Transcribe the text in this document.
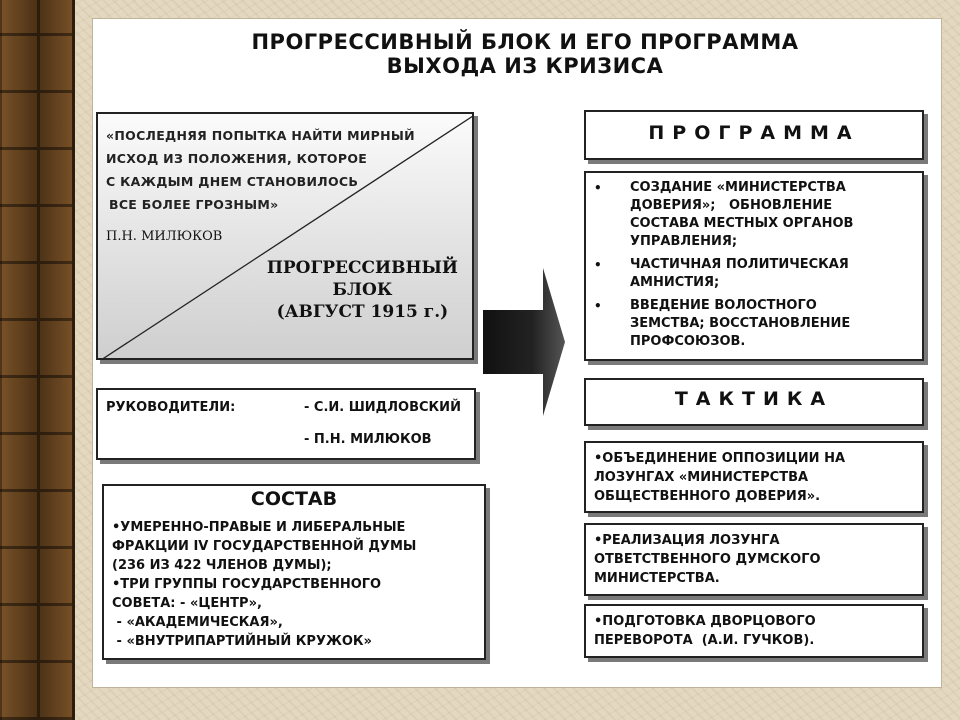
ПРОГРЕССИВНЫЙ БЛОК И ЕГО ПРОГРАММА
ВЫХОДА ИЗ КРИЗИСА
«ПОСЛЕДНЯЯ ПОПЫТКА НАЙТИ МИРНЫЙ
ИСХОД ИЗ ПОЛОЖЕНИЯ, КОТОРОЕ
С КАЖДЫМ ДНЕМ СТАНОВИЛОСЬ
ВСЕ БОЛЕЕ ГРОЗНЫМ»
П.Н. МИЛЮКОВ
ПРОГРЕССИВНЫЙ
БЛОК
(АВГУСТ 1915 г.)
РУКОВОДИТЕЛИ:	- С.И. ШИДЛОВСКИЙ
- П.Н. МИЛЮКОВ
СОСТАВ
•УМЕРЕННО-ПРАВЫЕ И ЛИБЕРАЛЬНЫЕ
ФРАКЦИИ IV ГОСУДАРСТВЕННОЙ ДУМЫ
(236 ИЗ 422 ЧЛЕНОВ ДУМЫ);
•ТРИ ГРУППЫ ГОСУДАРСТВЕННОГО
СОВЕТА: - «ЦЕНТР»,
- «АКАДЕМИЧЕСКАЯ»,
- «ВНУТРИПАРТИЙНЫЙ КРУЖОК»
ПРОГРАММА
• СОЗДАНИЕ «МИНИСТЕРСТВА
ДОВЕРИЯ»;   ОБНОВЛЕНИЕ
СОСТАВА МЕСТНЫХ ОРГАНОВ
УПРАВЛЕНИЯ;
• ЧАСТИЧНАЯ ПОЛИТИЧЕСКАЯ
АМНИСТИЯ;
• ВВЕДЕНИЕ ВОЛОСТНОГО
ЗЕМСТВА; ВОССТАНОВЛЕНИЕ
ПРОФСОЮЗОВ.
ТАКТИКА
•ОБЪЕДИНЕНИЕ ОППОЗИЦИИ НА
ЛОЗУНГАХ «МИНИСТЕРСТВА
ОБЩЕСТВЕННОГО ДОВЕРИЯ».
•РЕАЛИЗАЦИЯ ЛОЗУНГА
ОТВЕТСТВЕННОГО ДУМСКОГО
МИНИСТЕРСТВА.
•ПОДГОТОВКА ДВОРЦОВОГО
ПЕРЕВОРОТА  (А.И. ГУЧКОВ).
